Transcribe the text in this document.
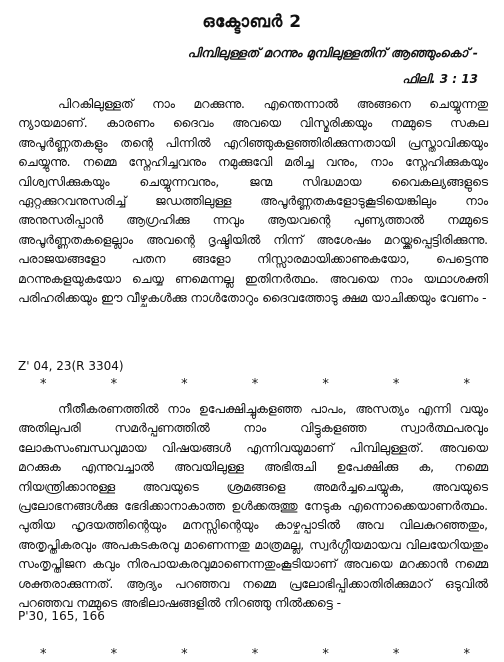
ഒക്ടോബർ 2
പിമ്പിലുള്ളത് മറന്നും മുമ്പിലുള്ളതിന് ആഞ്ഞുംകൊ് -
ഫിലി. 3 : 13
പിറകിലുള്ളത് നാം മറക്കുന്നു. എന്തെന്നാൽ അങ്ങനെ ചെയ്യുന്നതു ന്യായമാണ്. കാരണം ദൈവം അവയെ വിസ്മരിക്കയും നമ്മുടെ സകല അപൂർണ്ണതകളും തന്റെ പിന്നിൽ എറിഞ്ഞുകളഞ്ഞിരിക്കുന്നതായി പ്രസ്താവിക്കയും ചെയ്യുന്നു. നമ്മെ സ്നേഹിച്ചവനും നമുക്കുവേി മരിച്ച വനും, നാം സ്നേഹിക്കുകയും വിശ്വസിക്കുകയും ചെയ്യുന്നവനും, ജന്മ സിദ്ധമായ വൈകല്യങ്ങളുടെ ഏറ്റക്കുറവനുസരിച്ച് ജഡത്തിലുള്ള അപൂർണ്ണതകളോടുകൂടിയെങ്കിലും നാം അനുസരിപ്പാൻ ആഗ്രഹിക്കു ന്നവും ആയവന്റെ പുണ്യത്താൽ നമ്മുടെ അപൂർണ്ണതകളെല്ലാം അവന്റെ ദൃഷ്ടിയിൽ നിന്ന് അശേഷം മറയ്ക്കപ്പെട്ടിരിക്കുന്നു. പരാജയങ്ങളോ പതന ങ്ങളോ നിസ്സാരമായിക്കാണുകയോ, പെട്ടെന്നു മറന്നുകളയുകയോ ചെയ്യ ണമെന്നല്ല ഇതിനർത്ഥം. അവയെ നാം യഥാശക്തി പരിഹരിക്കയും ഈ വീഴ്ചകൾക്കു നാൾതോറും ദൈവത്തോടു ക്ഷമ യാചിക്കയും വേണം -
Z' 04, 23(R 3304)
*	*	*	*	*	*	*
നീതീകരണത്തിൽ നാം ഉപേക്ഷിച്ചുകളഞ്ഞ പാപം, അസത്യം എന്നി വയും അതിലുപരി സമർപ്പണത്തിൽ നാം വിട്ടുകളഞ്ഞ സ്വാർത്ഥപരവും ലോകസംബന്ധവുമായ വിഷയങ്ങൾ എന്നിവയുമാണ് പിമ്പിലുള്ളത്. അവയെ മറക്കുക എന്നുവച്ചാൽ അവയിലുള്ള അഭിരുചി ഉപേക്ഷിക്കു ക, നമ്മെ നിയന്ത്രിക്കാനുള്ള അവയുടെ ശ്രമങ്ങളെ അമർച്ചചെയ്യുക, അവയുടെ പ്രലോഭനങ്ങൾക്കു ഭേദിക്കാനാകാത്ത ഉൾക്കരുത്തു നേടുക എന്നൊക്കെയാണർത്ഥം. പുതിയ ഹൃദയത്തിന്റെയും മനസ്സിന്റെയും കാഴ്ചപ്പാടിൽ അവ വിലകുറഞ്ഞതും, അതൃപ്തികരവും അപകടകരവു മാണെന്നതു മാത്രമല്ല, സ്വർഗ്ഗീയമായവ വിലയേറിയതും സംതൃപ്തിജന കവും നിരപായകരവുമാണെന്നതുംകൂടിയാണ് അവയെ മറക്കാൻ നമ്മെ ശക്തരാക്കുന്നത്. ആദ്യം പറഞ്ഞവ നമ്മെ പ്രലോഭിപ്പിക്കാതിരിക്കുമാറ് ഒടുവിൽ പറഞ്ഞവ നമ്മുടെ അഭിലാഷങ്ങളിൽ നിറഞ്ഞു നിൽക്കട്ടെ -
P'30, 165, 166
*	*	*	*	*	*	*
